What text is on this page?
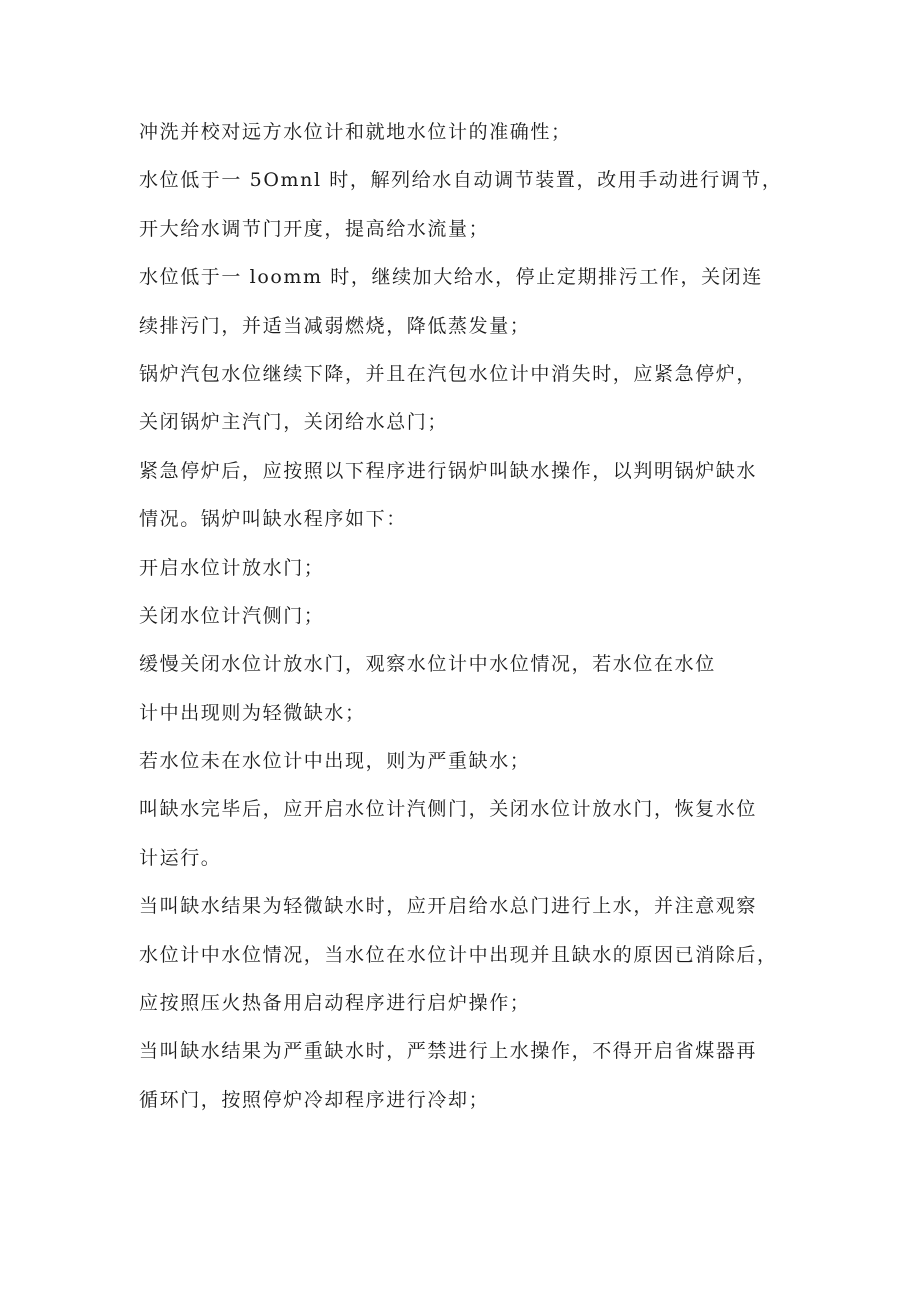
冲洗并校对远方水位计和就地水位计的准确性；
水位低于一 5Omnl 时，解列给水自动调节装置，改用手动进行调节，
开大给水调节门开度，提高给水流量；
水位低于一 loomm 时，继续加大给水，停止定期排污工作，关闭连
续排污门，并适当减弱燃烧，降低蒸发量；
锅炉汽包水位继续下降，并且在汽包水位计中消失时，应紧急停炉，
关闭锅炉主汽门，关闭给水总门；
紧急停炉后，应按照以下程序进行锅炉叫缺水操作，以判明锅炉缺水
情况。锅炉叫缺水程序如下：
开启水位计放水门；
关闭水位计汽侧门；
缓慢关闭水位计放水门，观察水位计中水位情况，若水位在水位
计中出现则为轻微缺水；
若水位未在水位计中出现，则为严重缺水；
叫缺水完毕后，应开启水位计汽侧门，关闭水位计放水门，恢复水位
计运行。
当叫缺水结果为轻微缺水时，应开启给水总门进行上水，并注意观察
水位计中水位情况，当水位在水位计中出现并且缺水的原因已消除后，
应按照压火热备用启动程序进行启炉操作；
当叫缺水结果为严重缺水时，严禁进行上水操作，不得开启省煤器再
循环门，按照停炉冷却程序进行冷却；
